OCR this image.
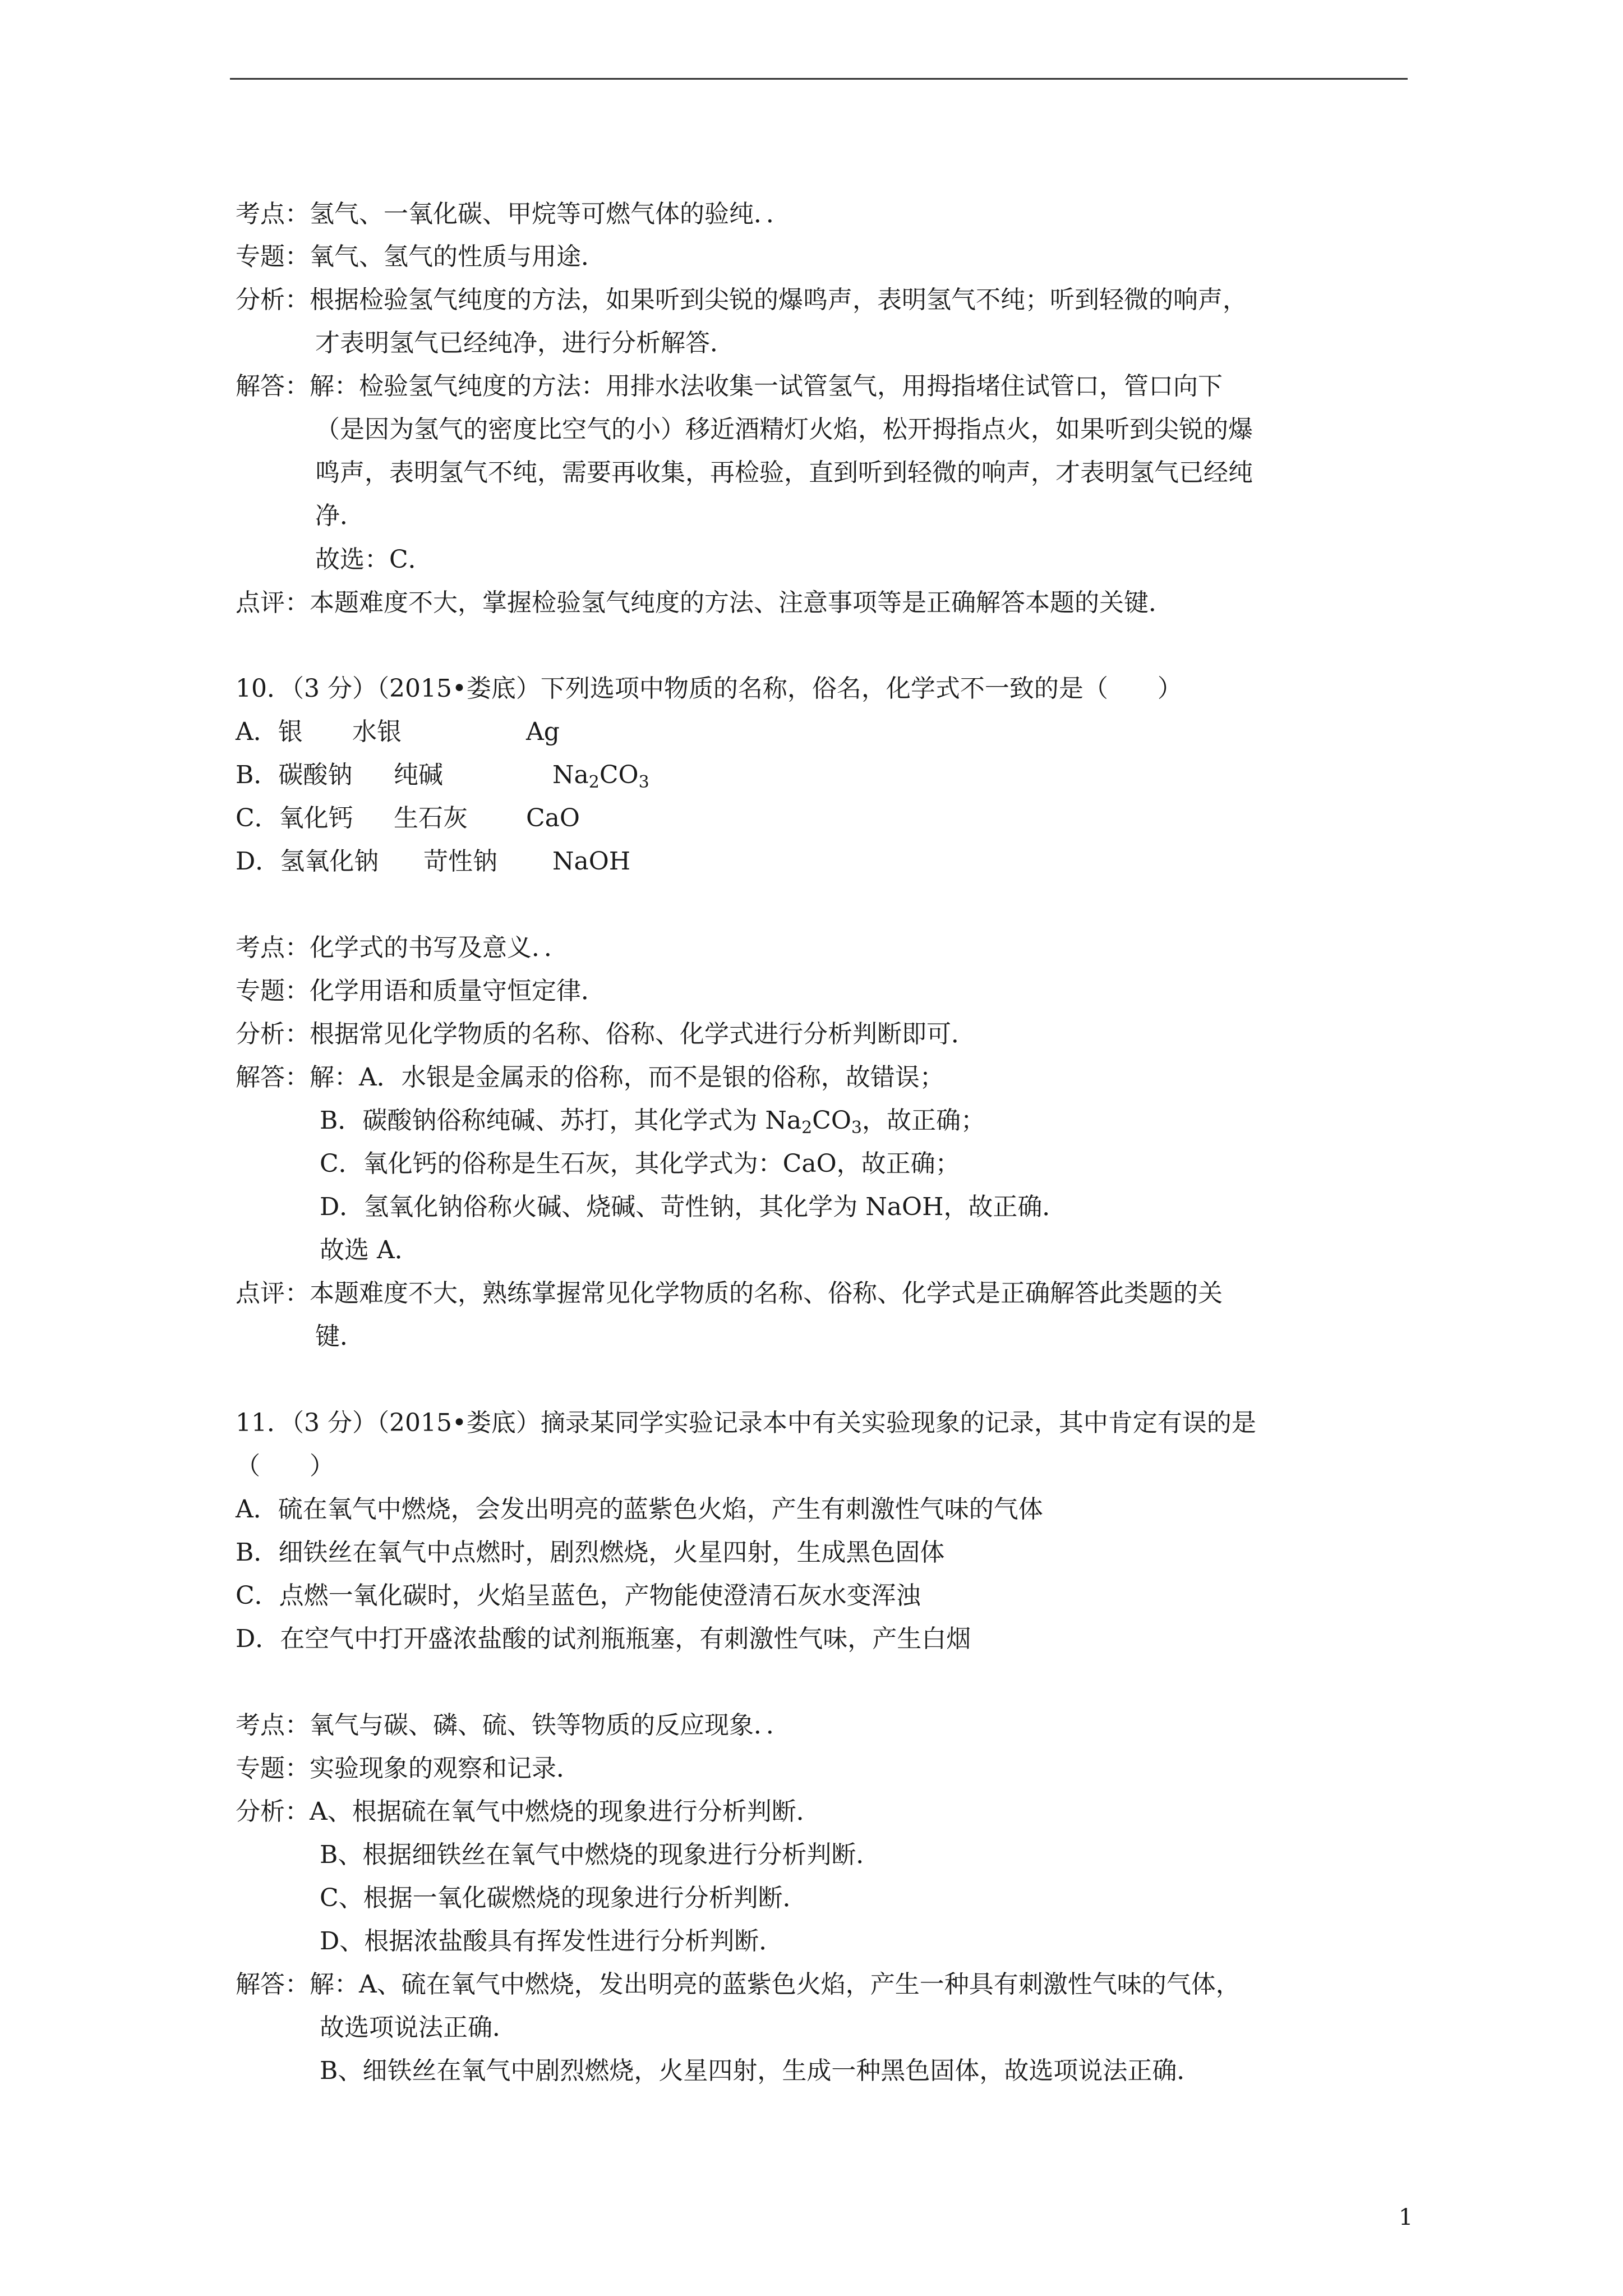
考点：氢气、一氧化碳、甲烷等可燃气体的验纯．．
专题：氧气、氢气的性质与用途．
分析：根据检验氢气纯度的方法，如果听到尖锐的爆鸣声，表明氢气不纯；听到轻微的响声，
才表明氢气已经纯净，进行分析解答．
解答：解：检验氢气纯度的方法：用排水法收集一试管氢气，用拇指堵住试管口，管口向下
（是因为氢气的密度比空气的小）移近酒精灯火焰，松开拇指点火，如果听到尖锐的爆
鸣声，表明氢气不纯，需要再收集，再检验，直到听到轻微的响声，才表明氢气已经纯
净．
故选：C．
点评：本题难度不大，掌握检验氢气纯度的方法、注意事项等是正确解答本题的关键．
10．（3 分）（2015•娄底）下列选项中物质的名称，俗名，化学式不一致的是（　　）
A．银 水银	Ag
B．碳酸钠 纯碱	$Na_2CO_3$
C．氧化钙 生石灰 CaO
D．氢氧化钠 苛性钠 NaOH
考点：化学式的书写及意义．．
专题：化学用语和质量守恒定律．
分析：根据常见化学物质的名称、俗称、化学式进行分析判断即可．
解答：解：A．水银是金属汞的俗称，而不是银的俗称，故错误；
B．碳酸钠俗称纯碱、苏打，其化学式为 $Na_2CO_3$，故正确；
C．氧化钙的俗称是生石灰，其化学式为：CaO，故正确；
D．氢氧化钠俗称火碱、烧碱、苛性钠，其化学为 NaOH，故正确．
故选 A．
点评：本题难度不大，熟练掌握常见化学物质的名称、俗称、化学式是正确解答此类题的关
键．
11．（3 分）（2015•娄底）摘录某同学实验记录本中有关实验现象的记录，其中肯定有误的是
（　　）
A．硫在氧气中燃烧，会发出明亮的蓝紫色火焰，产生有刺激性气味的气体
B．细铁丝在氧气中点燃时，剧烈燃烧，火星四射，生成黑色固体
C．点燃一氧化碳时，火焰呈蓝色，产物能使澄清石灰水变浑浊
D．在空气中打开盛浓盐酸的试剂瓶瓶塞，有刺激性气味，产生白烟
考点：氧气与碳、磷、硫、铁等物质的反应现象．．
专题：实验现象的观察和记录．
分析：A、根据硫在氧气中燃烧的现象进行分析判断．
B、根据细铁丝在氧气中燃烧的现象进行分析判断．
C、根据一氧化碳燃烧的现象进行分析判断．
D、根据浓盐酸具有挥发性进行分析判断．
解答：解：A、硫在氧气中燃烧，发出明亮的蓝紫色火焰，产生一种具有刺激性气味的气体，
故选项说法正确．
B、细铁丝在氧气中剧烈燃烧，火星四射，生成一种黑色固体，故选项说法正确．
1
